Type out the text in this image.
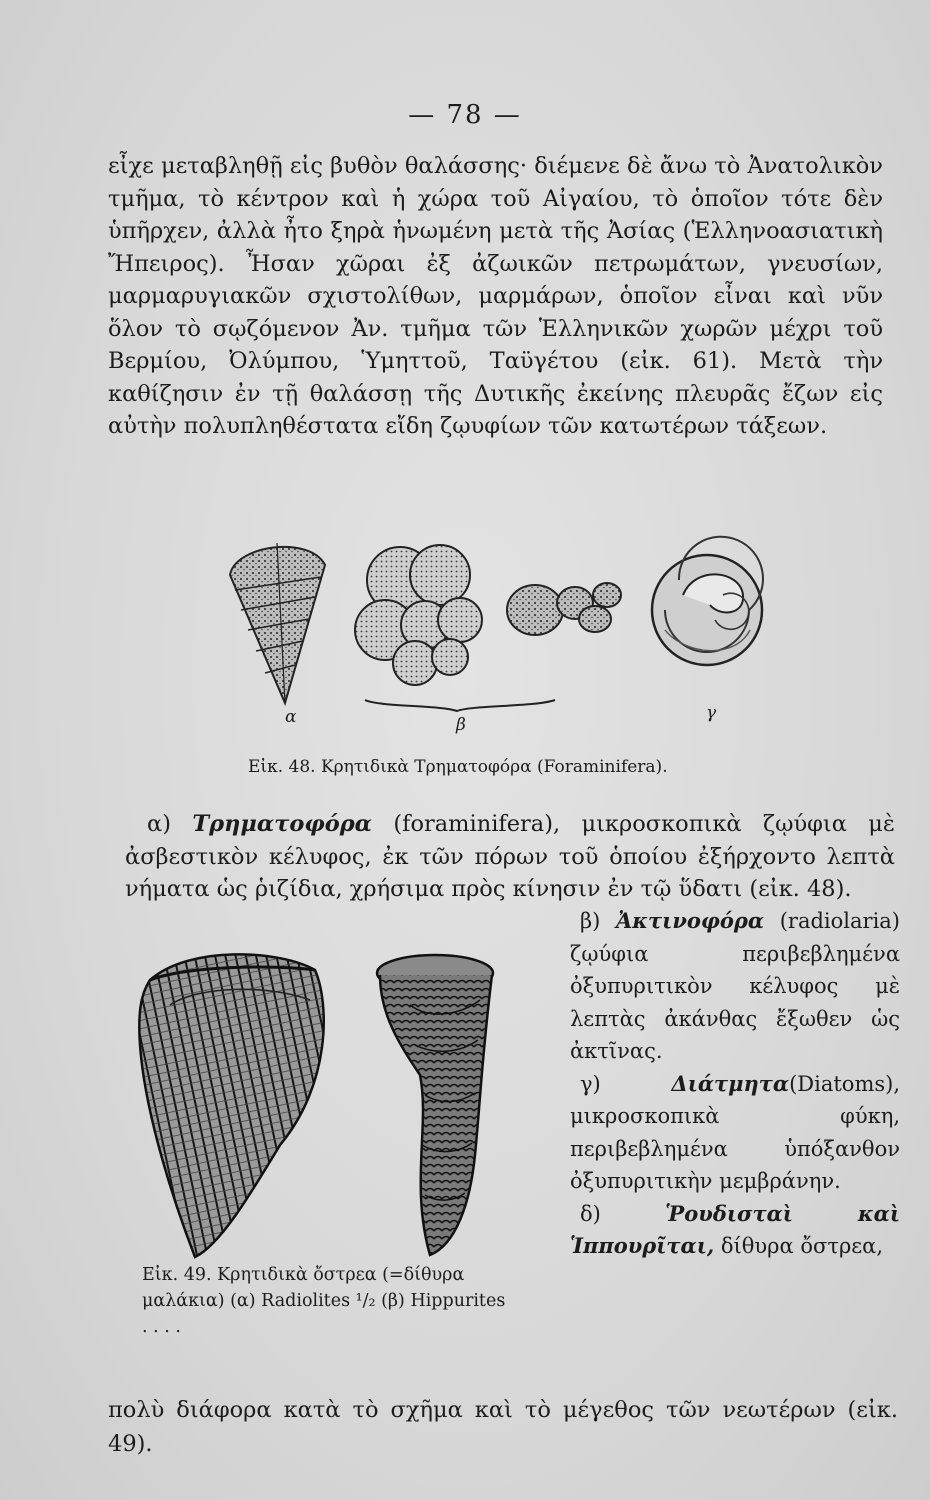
— 78 —

εἶχε μεταβληθῇ εἰς βυθὸν θαλάσσης· διέμενε δὲ ἄνω τὸ Ἀνατολικὸν τμῆμα, τὸ κέντρον καὶ ἡ χώρα τοῦ Αἰγαίου, τὸ ὁποῖον τότε δὲν ὑπῆρχεν, ἀλλὰ ἦτο ξηρὰ ἡνωμένη μετὰ τῆς Ἀσίας (Ἑλληνοασιατικὴ Ἤπειρος). Ἦσαν χῶραι ἐξ ἀζωικῶν πετρωμάτων, γνευσίων, μαρμαρυγιακῶν σχιστολίθων, μαρμάρων, ὁποῖον εἶναι καὶ νῦν ὅλον τὸ σῳζόμενον Ἀν. τμῆμα τῶν Ἑλληνικῶν χωρῶν μέχρι τοῦ Βερμίου, Ὀλύμπου, Ὑμηττοῦ, Ταϋγέτου (εἰκ. 61). Μετὰ τὴν καθίζησιν ἐν τῇ θαλάσσῃ τῆς Δυτικῆς ἐκείνης πλευρᾶς ἔζων εἰς αὐτὴν πολυπληθέστατα εἴδη ζῳυφίων τῶν κατωτέρων τάξεων.

α	β
γ
Εἰκ. 48. Κρητιδικὰ Τρηματοφόρα (Foraminifera).

α) Τρηματοφόρα (foraminifera), μικροσκοπικὰ ζῳύφια μὲ ἀσβεστικὸν κέλυφος, ἐκ τῶν πόρων τοῦ ὁποίου ἐξήρχοντο λεπτὰ νήματα ὡς ῥιζίδια, χρήσιμα πρὸς κίνησιν ἐν τῷ ὕδατι (εἰκ. 48).

Εἰκ. 49. Κρητιδικὰ ὄστρεα (=δίθυρα μαλάκια) (α) Radiolites ¹/₂ (β) Hippurites . . . .

β) Ἀκτινοφόρα (radiolaria) ζῳύφια περιβεβλημένα ὀξυπυριτικὸν κέλυφος μὲ λεπτὰς ἀκάνθας ἔξωθεν ὡς ἀκτῖνας.

γ)	Διάτμητα(Diatoms), μικροσκοπικὰ φύκη, περιβεβλημένα ὑπόξανθον ὀξυπυριτικὴν μεμβράνην.

δ)	Ῥουδισταὶ καὶ Ἱππουρῖται, δίθυρα ὄστρεα,

πολὺ διάφορα κατὰ τὸ σχῆμα καὶ τὸ μέγεθος τῶν νεωτέρων (εἰκ. 49).
